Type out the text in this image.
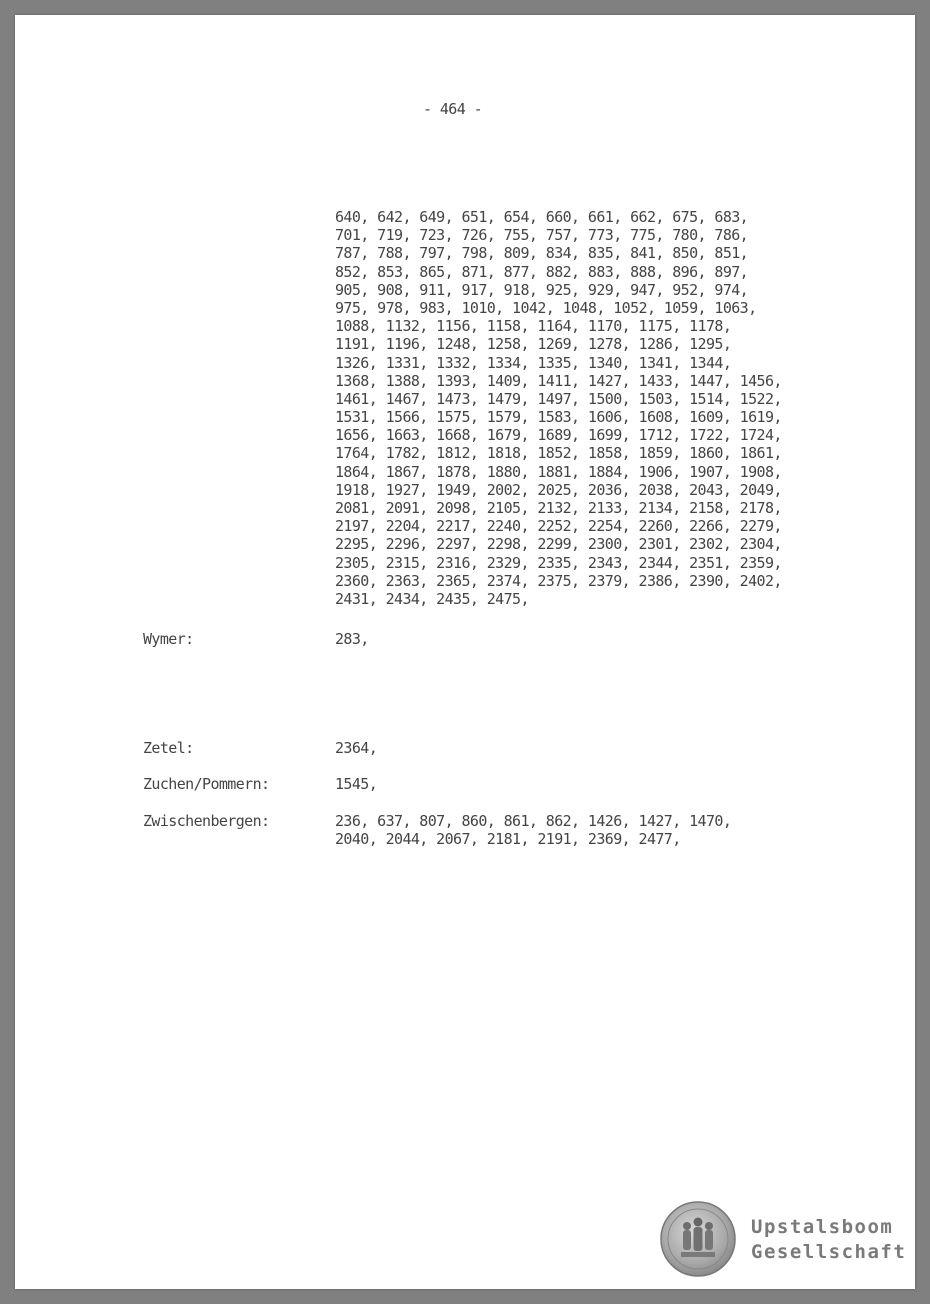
- 464 -
640, 642, 649, 651, 654, 660, 661, 662, 675, 683,
701, 719, 723, 726, 755, 757, 773, 775, 780, 786,
787, 788, 797, 798, 809, 834, 835, 841, 850, 851,
852, 853, 865, 871, 877, 882, 883, 888, 896, 897,
905, 908, 911, 917, 918, 925, 929, 947, 952, 974,
975, 978, 983, 1010, 1042, 1048, 1052, 1059, 1063,
1088, 1132, 1156, 1158, 1164, 1170, 1175, 1178,
1191, 1196, 1248, 1258, 1269, 1278, 1286, 1295,
1326, 1331, 1332, 1334, 1335, 1340, 1341, 1344,
1368, 1388, 1393, 1409, 1411, 1427, 1433, 1447, 1456,
1461, 1467, 1473, 1479, 1497, 1500, 1503, 1514, 1522,
1531, 1566, 1575, 1579, 1583, 1606, 1608, 1609, 1619,
1656, 1663, 1668, 1679, 1689, 1699, 1712, 1722, 1724,
1764, 1782, 1812, 1818, 1852, 1858, 1859, 1860, 1861,
1864, 1867, 1878, 1880, 1881, 1884, 1906, 1907, 1908,
1918, 1927, 1949, 2002, 2025, 2036, 2038, 2043, 2049,
2081, 2091, 2098, 2105, 2132, 2133, 2134, 2158, 2178,
2197, 2204, 2217, 2240, 2252, 2254, 2260, 2266, 2279,
2295, 2296, 2297, 2298, 2299, 2300, 2301, 2302, 2304,
2305, 2315, 2316, 2329, 2335, 2343, 2344, 2351, 2359,
2360, 2363, 2365, 2374, 2375, 2379, 2386, 2390, 2402,
2431, 2434, 2435, 2475,
Wymer:	283,
Zetel:	2364,
Zuchen/Pommern:	1545,
Zwischenbergen:	236, 637, 807, 860, 861, 862, 1426, 1427, 1470,
2040, 2044, 2067, 2181, 2191, 2369, 2477,
Upstalsboom
Gesellschaft
